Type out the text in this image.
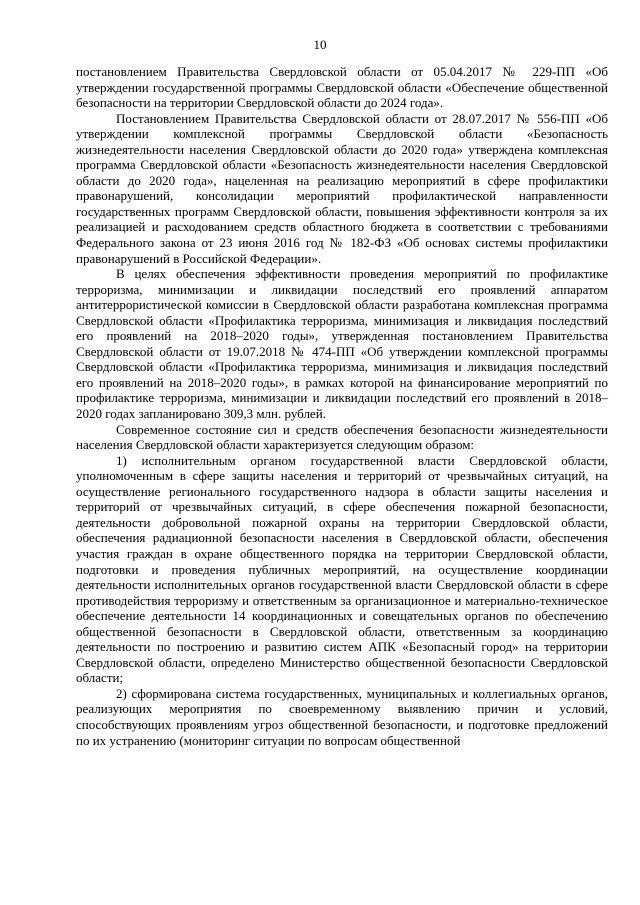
10

постановлением Правительства Свердловской области от 05.04.2017 № 229-ПП «Об утверждении государственной программы Свердловской области «Обеспечение общественной безопасности на территории Свердловской области до 2024 года».

Постановлением Правительства Свердловской области от 28.07.2017 № 556-ПП «Об утверждении комплексной программы Свердловской области «Безопасность жизнедеятельности населения Свердловской области до 2020 года» утверждена комплексная программа Свердловской области «Безопасность жизнедеятельности населения Свердловской области до 2020 года», нацеленная на реализацию мероприятий в сфере профилактики правонарушений, консолидации мероприятий профилактической направленности государственных программ Свердловской области, повышения эффективности контроля за их реализацией и расходованием средств областного бюджета в соответствии с требованиями Федерального закона от 23 июня 2016 год № 182-ФЗ «Об основах системы профилактики правонарушений в Российской Федерации».

В целях обеспечения эффективности проведения мероприятий по профилактике терроризма, минимизации и ликвидации последствий его проявлений аппаратом антитеррористической комиссии в Свердловской области разработана комплексная программа Свердловской области «Профилактика терроризма, минимизация и ликвидация последствий его проявлений на 2018–2020 годы», утвержденная постановлением Правительства Свердловской области от 19.07.2018 № 474-ПП «Об утверждении комплексной программы Свердловской области «Профилактика терроризма, минимизация и ликвидация последствий его проявлений на 2018–2020 годы», в рамках которой на финансирование мероприятий по профилактике терроризма, минимизации и ликвидации последствий его проявлений в 2018–2020 годах запланировано 309,3 млн. рублей.

Современное состояние сил и средств обеспечения безопасности жизнедеятельности населения Свердловской области характеризуется следующим образом:

1) исполнительным органом государственной власти Свердловской области, уполномоченным в сфере защиты населения и территорий от чрезвычайных ситуаций, на осуществление регионального государственного надзора в области защиты населения и территорий от чрезвычайных ситуаций, в сфере обеспечения пожарной безопасности, деятельности добровольной пожарной охраны на территории Свердловской области, обеспечения радиационной безопасности населения в Свердловской области, обеспечения участия граждан в охране общественного порядка на территории Свердловской области, подготовки и проведения публичных мероприятий, на осуществление координации деятельности исполнительных органов государственной власти Свердловской области в сфере противодействия терроризму и ответственным за организационное и материально-техническое обеспечение деятельности 14 координационных и совещательных органов по обеспечению общественной безопасности в Свердловской области, ответственным за координацию деятельности по построению и развитию систем АПК «Безопасный город» на территории Свердловской области, определено Министерство общественной безопасности Свердловской области;

2) сформирована система государственных, муниципальных и коллегиальных органов, реализующих мероприятия по своевременному выявлению причин и условий, способствующих проявлениям угроз общественной безопасности, и подготовке предложений по их устранению (мониторинг ситуации по вопросам общественной
